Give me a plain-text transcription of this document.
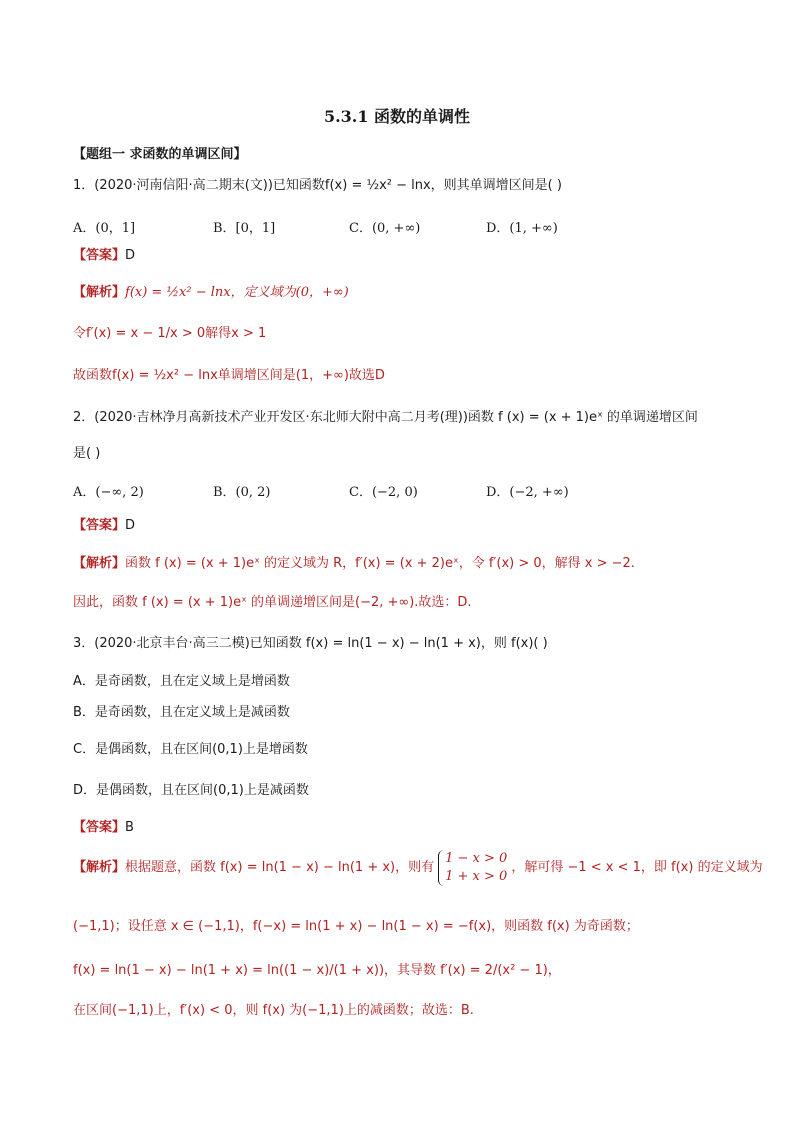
5.3.1 函数的单调性
【题组一 求函数的单调区间】
1．(2020·河南信阳·高二期末(文))已知函数f(x) = ½x² − lnx，则其单调增区间是( )
A．(0，1]	B．[0，1]	C．(0, +∞)	D．(1, +∞)
【答案】D
【解析】f(x) = ½x² − lnx，定义域为(0，+∞)
令f′(x) = x − 1/x > 0解得x > 1
故函数f(x) = ½x² − lnx单调增区间是(1，+∞)故选D
2．(2020·吉林净月高新技术产业开发区·东北师大附中高二月考(理))函数 f (x) = (x + 1)eˣ 的单调递增区间
是( )
A．(−∞, 2)	B．(0, 2)	C．(−2, 0)	D．(−2, +∞)
【答案】D
【解析】函数 f (x) = (x + 1)eˣ 的定义域为 R，f′(x) = (x + 2)eˣ，令 f′(x) > 0，解得 x > −2.
因此，函数 f (x) = (x + 1)eˣ 的单调递增区间是(−2, +∞).故选：D.
3．(2020·北京丰台·高三二模)已知函数 f(x) = ln(1 − x) − ln(1 + x)，则 f(x)( )
A．是奇函数，且在定义域上是增函数
B．是奇函数，且在定义域上是减函数
C．是偶函数，且在区间(0,1)上是增函数
D．是偶函数，且在区间(0,1)上是减函数
【答案】B
【解析】根据题意，函数 f(x) = ln(1 − x) − ln(1 + x)，则有
1 − x > 0
1 + x > 0
，解可得 −1 < x < 1，即 f(x) 的定义域为
(−1,1)；设任意 x ∈ (−1,1)，f(−x) = ln(1 + x) − ln(1 − x) = −f(x)，则函数 f(x) 为奇函数；
f(x) = ln(1 − x) − ln(1 + x) = ln((1 − x)/(1 + x))，其导数 f′(x) = 2/(x² − 1)，
在区间(−1,1)上，f′(x) < 0，则 f(x) 为(−1,1)上的减函数；故选：B.
